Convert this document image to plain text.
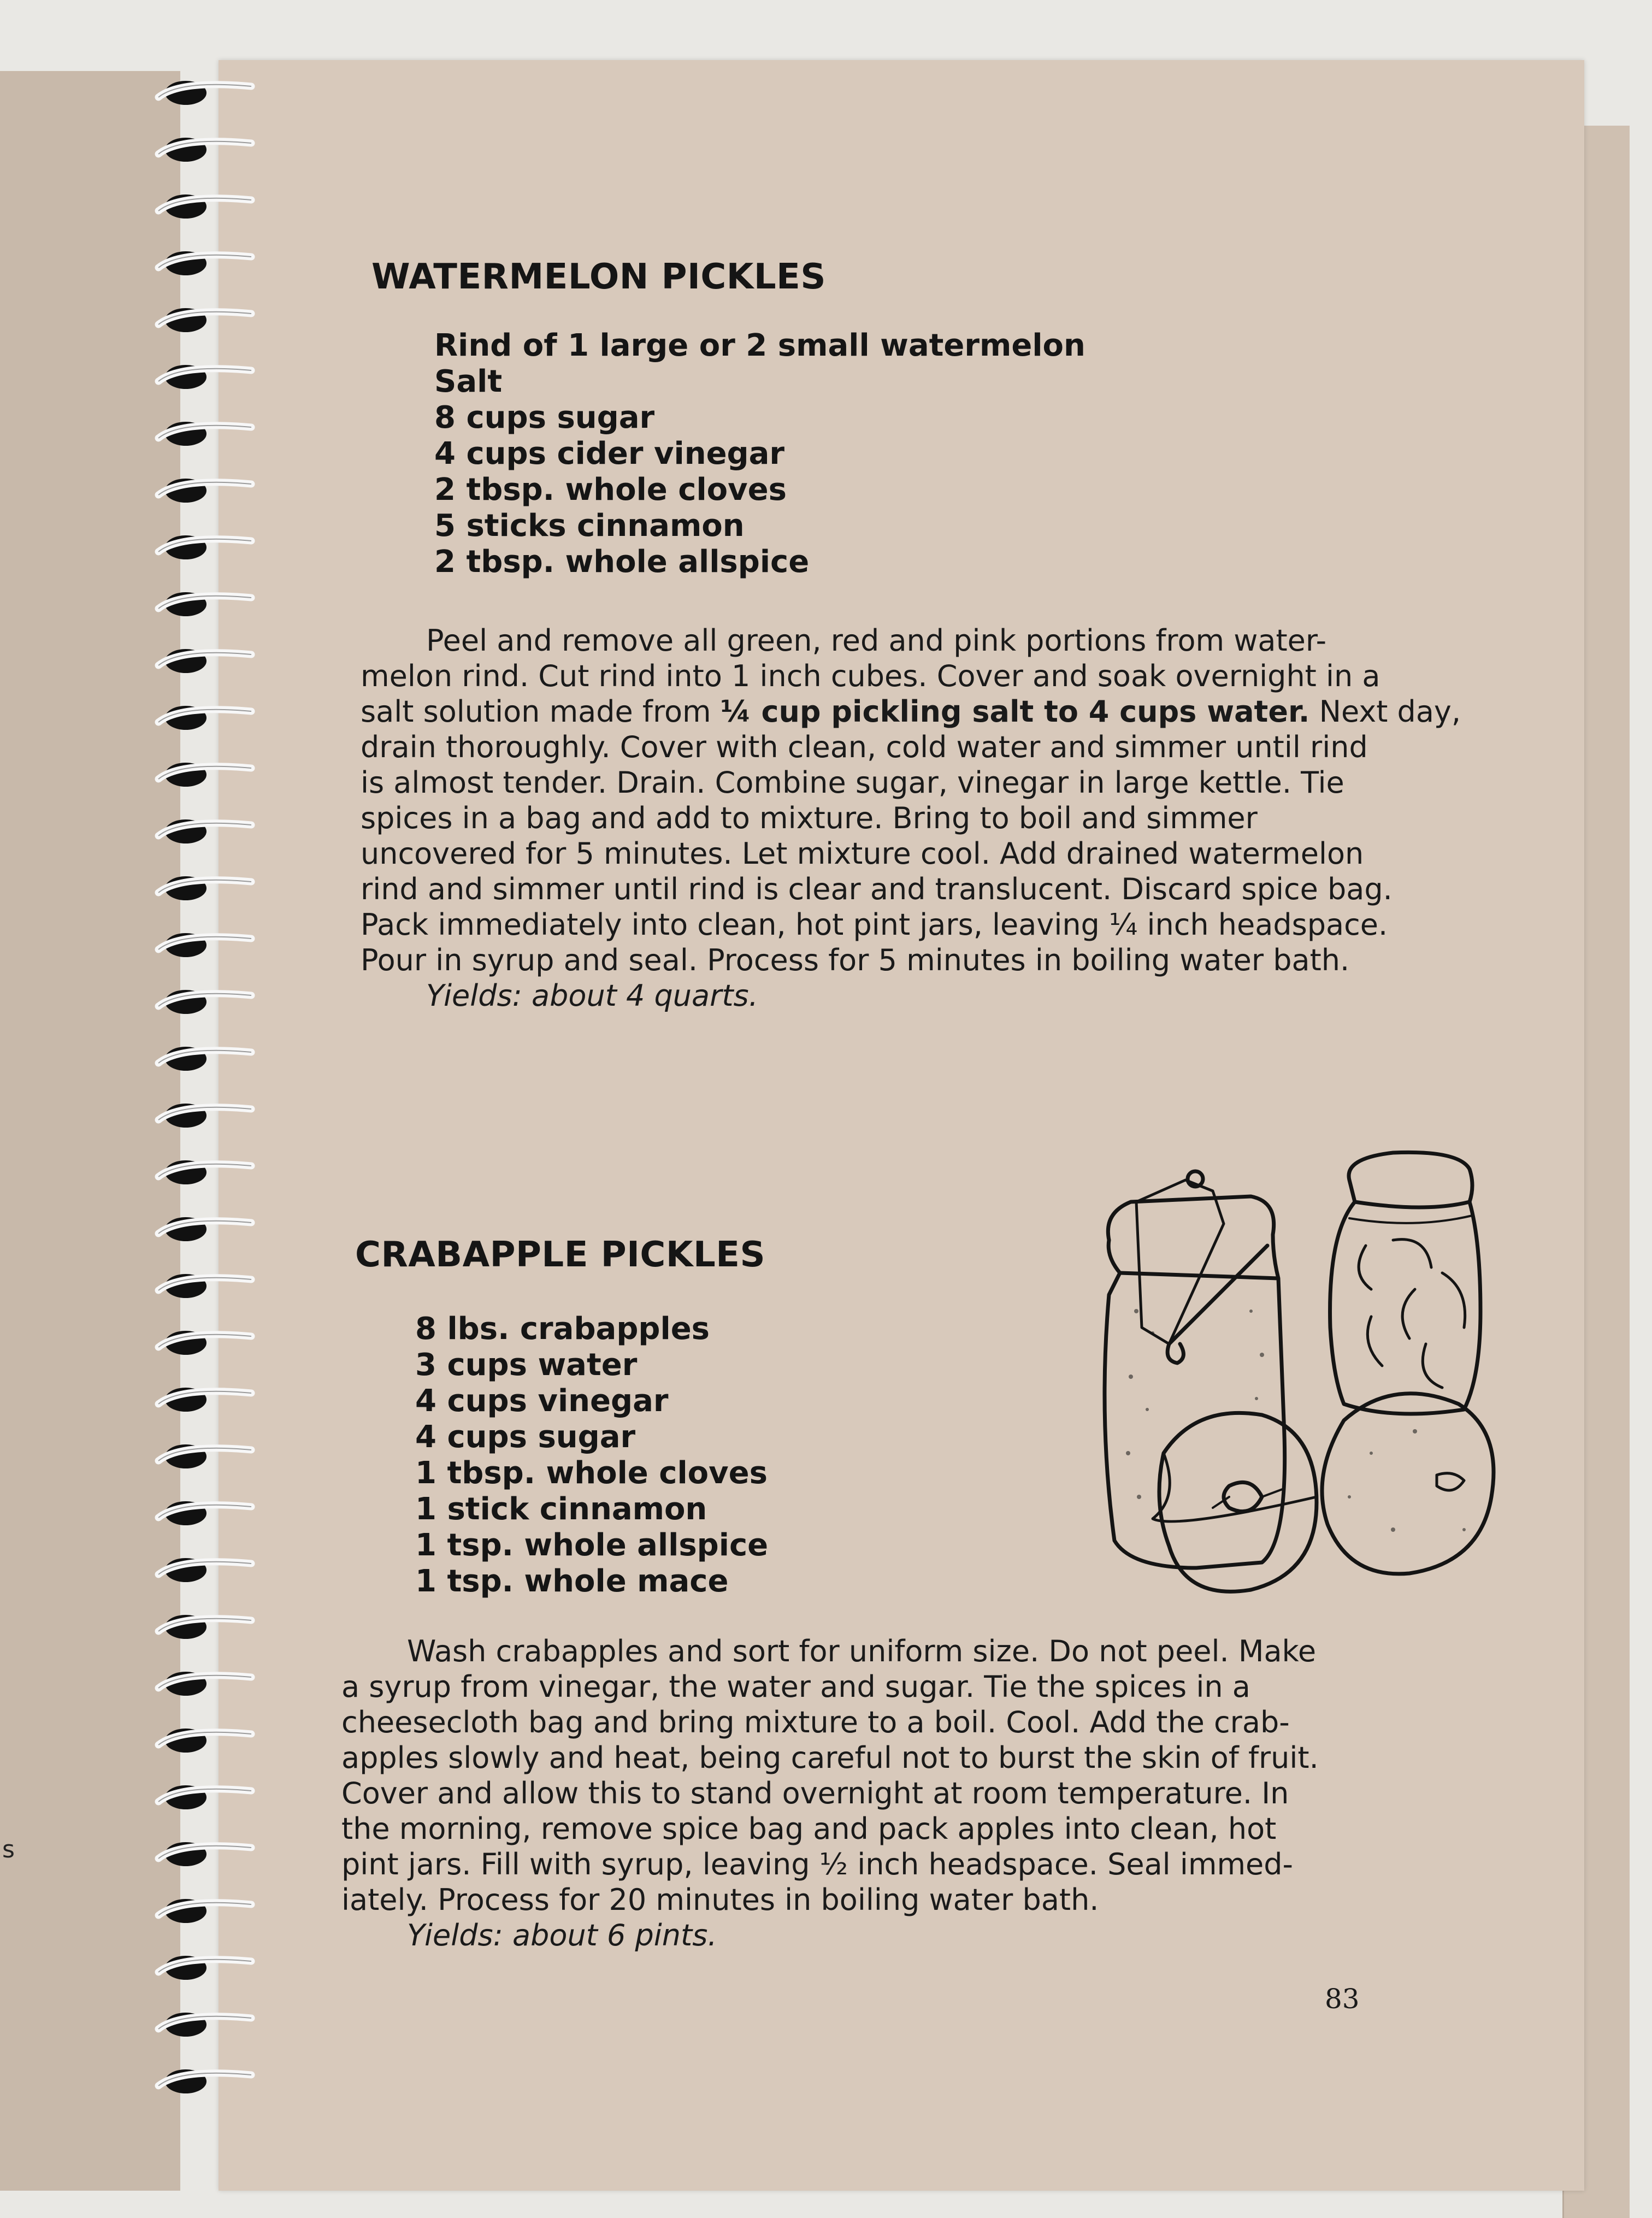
s
WATERMELON PICKLES
Rind of 1 large or 2 small watermelon
Salt
8 cups sugar
4 cups cider vinegar
2 tbsp. whole cloves
5 sticks cinnamon
2 tbsp. whole allspice

Peel and remove all green, red and pink portions from water-
melon rind. Cut rind into 1 inch cubes. Cover and soak overnight in a
salt solution made from ¼ cup pickling salt to 4 cups water. Next day,
drain thoroughly. Cover with clean, cold water and simmer until rind
is almost tender. Drain. Combine sugar, vinegar in large kettle. Tie
spices in a bag and add to mixture. Bring to boil and simmer
uncovered for 5 minutes. Let mixture cool. Add drained watermelon
rind and simmer until rind is clear and translucent. Discard spice bag.
Pack immediately into clean, hot pint jars, leaving ¼ inch headspace.
Pour in syrup and seal. Process for 5 minutes in boiling water bath.
Yields: about 4 quarts.

CRABAPPLE PICKLES
8 lbs. crabapples
3 cups water
4 cups vinegar
4 cups sugar
1 tbsp. whole cloves
1 stick cinnamon
1 tsp. whole allspice
1 tsp. whole mace

Wash crabapples and sort for uniform size. Do not peel. Make
a syrup from vinegar, the water and sugar. Tie the spices in a
cheesecloth bag and bring mixture to a boil. Cool. Add the crab-
apples slowly and heat, being careful not to burst the skin of fruit.
Cover and allow this to stand overnight at room temperature. In
the morning, remove spice bag and pack apples into clean, hot
pint jars. Fill with syrup, leaving ½ inch headspace. Seal immed-
iately. Process for 20 minutes in boiling water bath.
Yields: about 6 pints.

83
